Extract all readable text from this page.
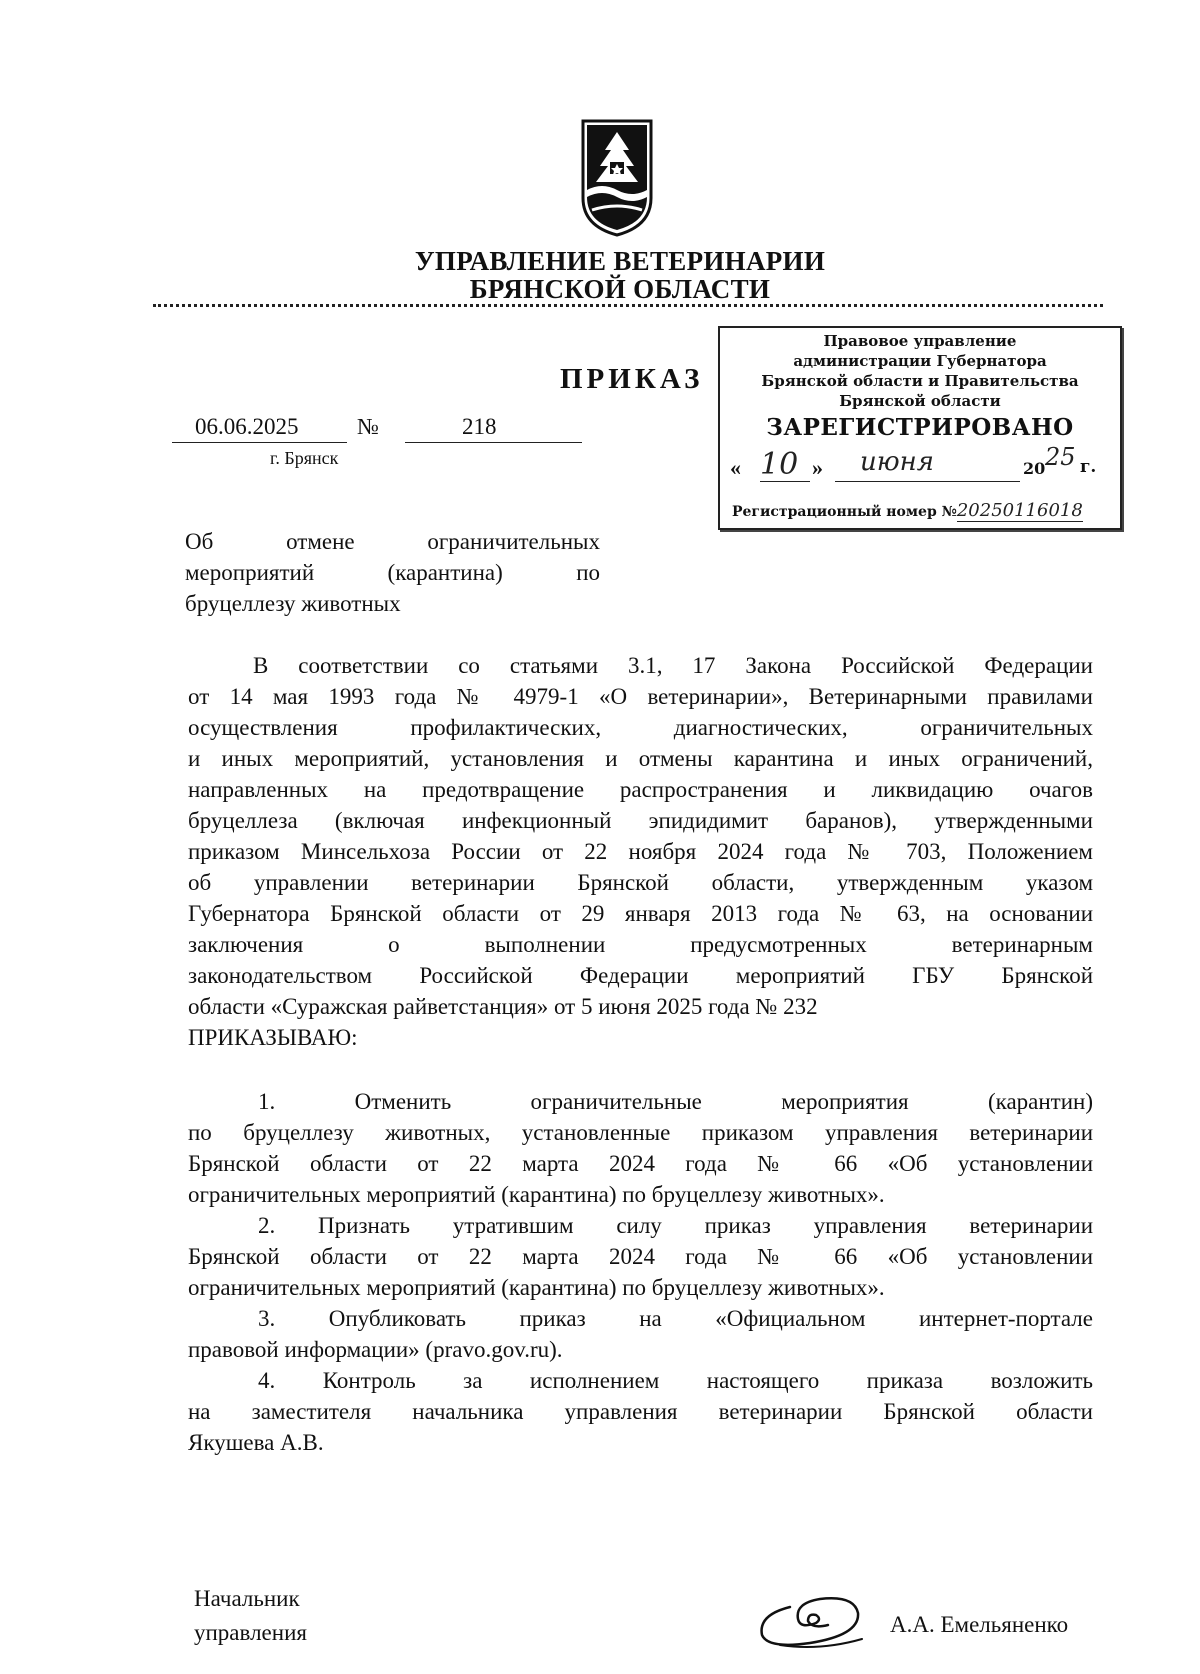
УПРАВЛЕНИЕ ВЕТЕРИНАРИИ
БРЯНСКОЙ ОБЛАСТИ
ПРИКАЗ
06.06.2025	№	218
г. Брянск
Правовое управление
администрации Губернатора
Брянской области и Правительства
Брянской области
ЗАРЕГИСТРИРОВАНО
« 10 » июня	20 25 г.
Регистрационный номер №20250116018
Об отмене ограничительных
мероприятий (карантина) по
бруцеллезу животных
В соответствии со статьями 3.1, 17 Закона Российской Федерации
от 14 мая 1993 года № 4979-1 «О ветеринарии», Ветеринарными правилами
осуществления профилактических, диагностических, ограничительных
и иных мероприятий, установления и отмены карантина и иных ограничений,
направленных на предотвращение распространения и ликвидацию очагов
бруцеллеза (включая инфекционный эпидидимит баранов), утвержденными
приказом Минсельхоза России от 22 ноября 2024 года № 703, Положением
об управлении ветеринарии Брянской области, утвержденным указом
Губернатора Брянской области от 29 января 2013 года № 63, на основании
заключения о выполнении предусмотренных ветеринарным
законодательством Российской Федерации мероприятий ГБУ Брянской
области «Суражская райветстанция» от 5 июня 2025 года № 232
ПРИКАЗЫВАЮ:
1. Отменить ограничительные мероприятия (карантин)
по бруцеллезу животных, установленные приказом управления ветеринарии
Брянской области от 22 марта 2024 года № 66 «Об установлении
ограничительных мероприятий (карантина) по бруцеллезу животных».
2. Признать утратившим силу приказ управления ветеринарии
Брянской области от 22 марта 2024 года № 66 «Об установлении
ограничительных мероприятий (карантина) по бруцеллезу животных».
3. Опубликовать приказ на «Официальном интернет-портале
правовой информации» (pravo.gov.ru).
4. Контроль за исполнением настоящего приказа возложить
на заместителя начальника управления ветеринарии Брянской области
Якушева А.В.
Начальник
управления	А.А. Емельяненко
